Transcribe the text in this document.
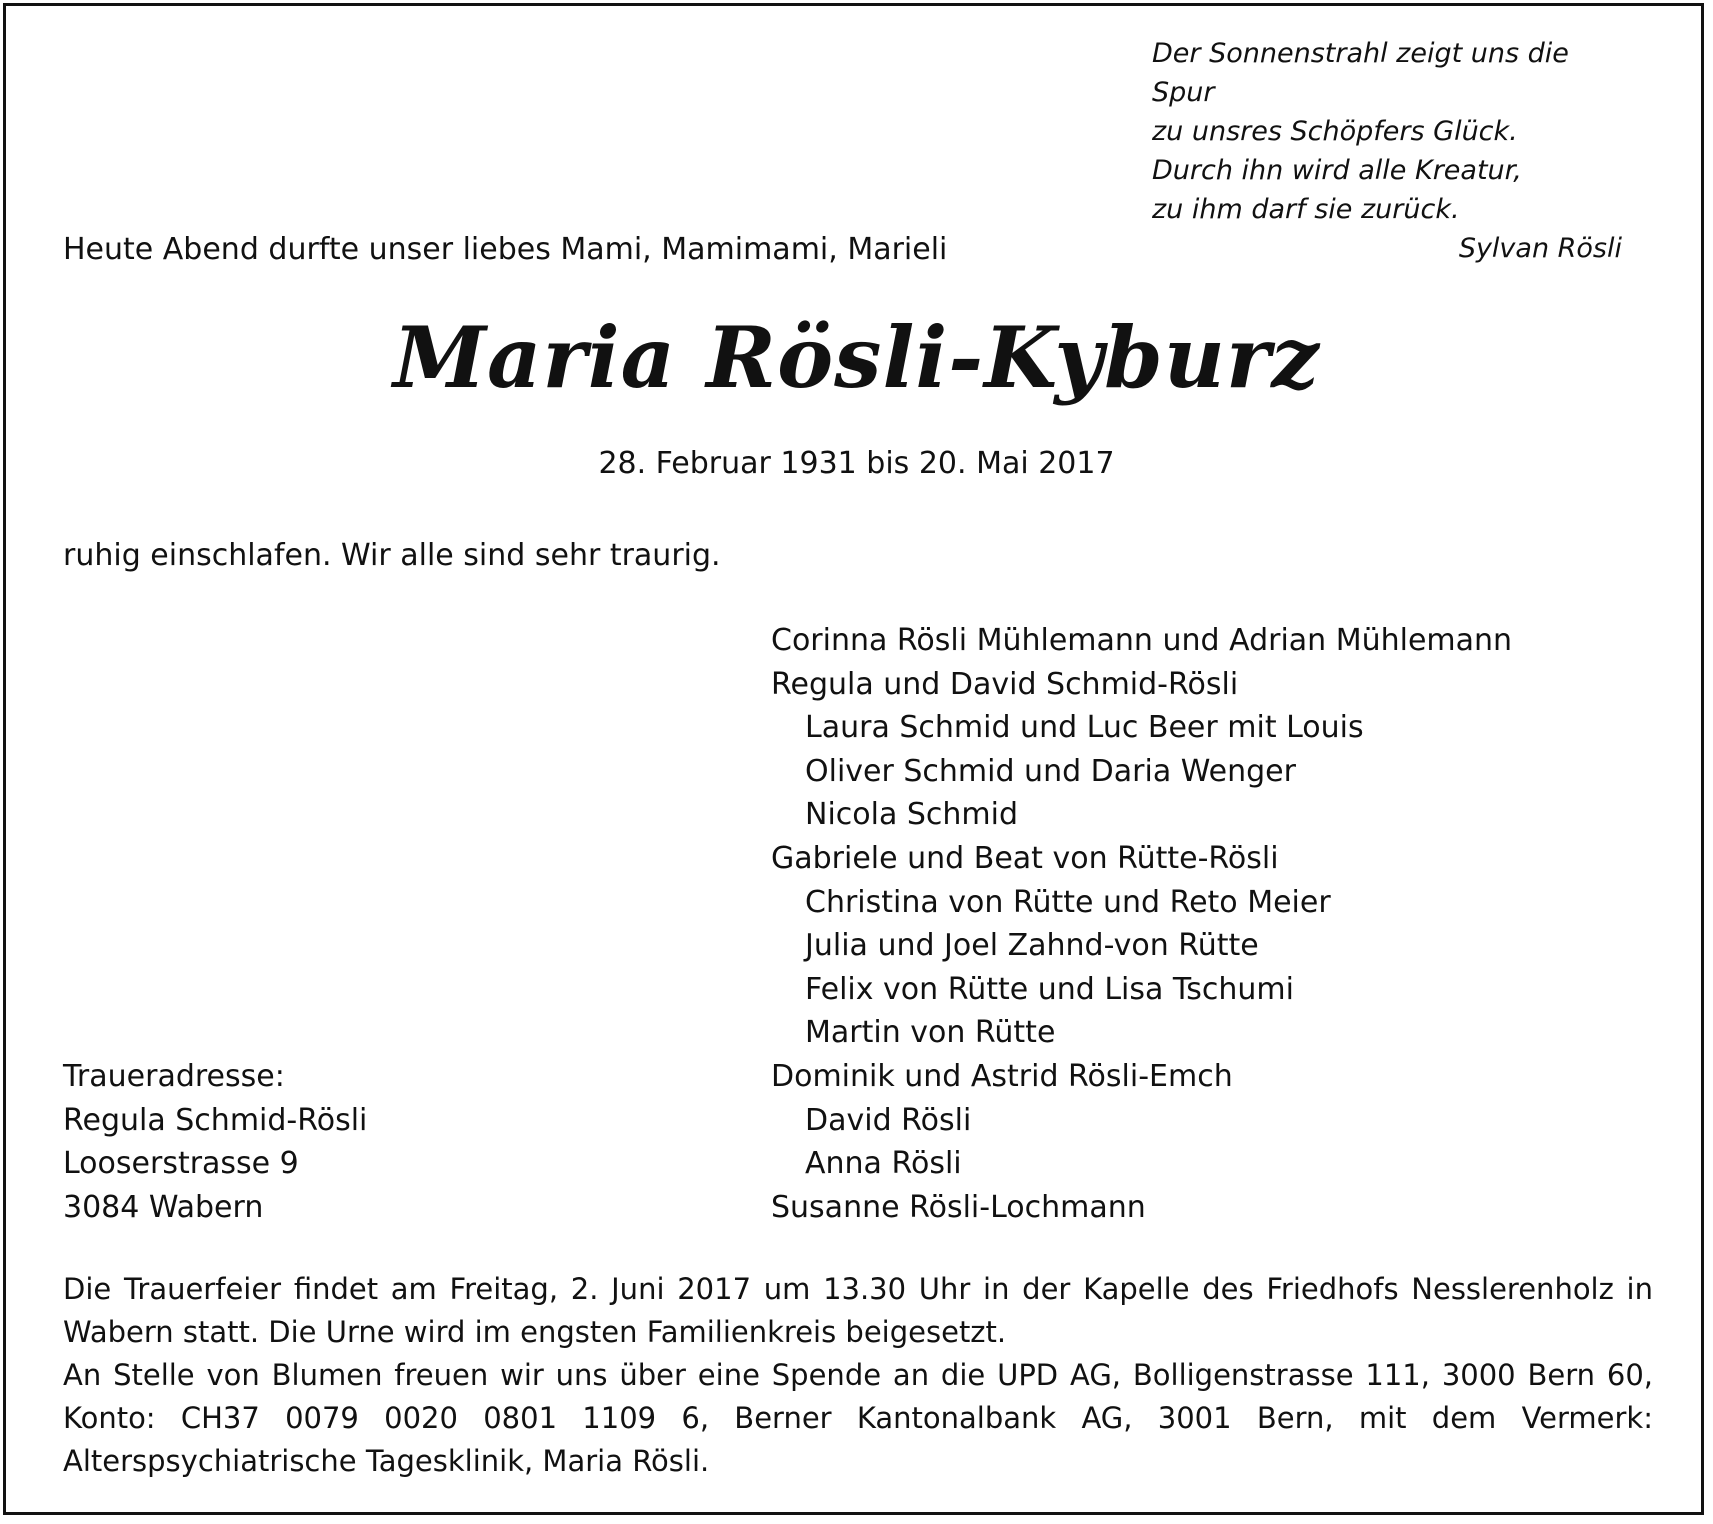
Der Sonnenstrahl zeigt uns die Spur
zu unsres Schöpfers Glück.
Durch ihn wird alle Kreatur,
zu ihm darf sie zurück.
Sylvan Rösli
Heute Abend durfte unser liebes Mami, Mamimami, Marieli
Maria Rösli-Kyburz
28. Februar 1931 bis 20. Mai 2017
ruhig einschlafen. Wir alle sind sehr traurig.
Corinna Rösli Mühlemann und Adrian Mühlemann
Regula und David Schmid-Rösli
Laura Schmid und Luc Beer mit Louis
Oliver Schmid und Daria Wenger
Nicola Schmid
Gabriele und Beat von Rütte-Rösli
Christina von Rütte und Reto Meier
Julia und Joel Zahnd-von Rütte
Felix von Rütte und Lisa Tschumi
Martin von Rütte
Dominik und Astrid Rösli-Emch
David Rösli
Anna Rösli
Susanne Rösli-Lochmann
Traueradresse:
Regula Schmid-Rösli
Looserstrasse 9
3084 Wabern

Die Trauerfeier findet am Freitag, 2. Juni 2017 um 13.30 Uhr in der Kapelle des Friedhofs Nesslerenholz in Wabern statt. Die Urne wird im engsten Familienkreis beigesetzt.

An Stelle von Blumen freuen wir uns über eine Spende an die UPD AG, Bolligenstrasse 111, 3000 Bern 60, Konto: CH37 0079 0020 0801 1109 6, Berner Kantonalbank AG, 3001 Bern, mit dem Vermerk: Alterspsychiatrische Tagesklinik, Maria Rösli.
